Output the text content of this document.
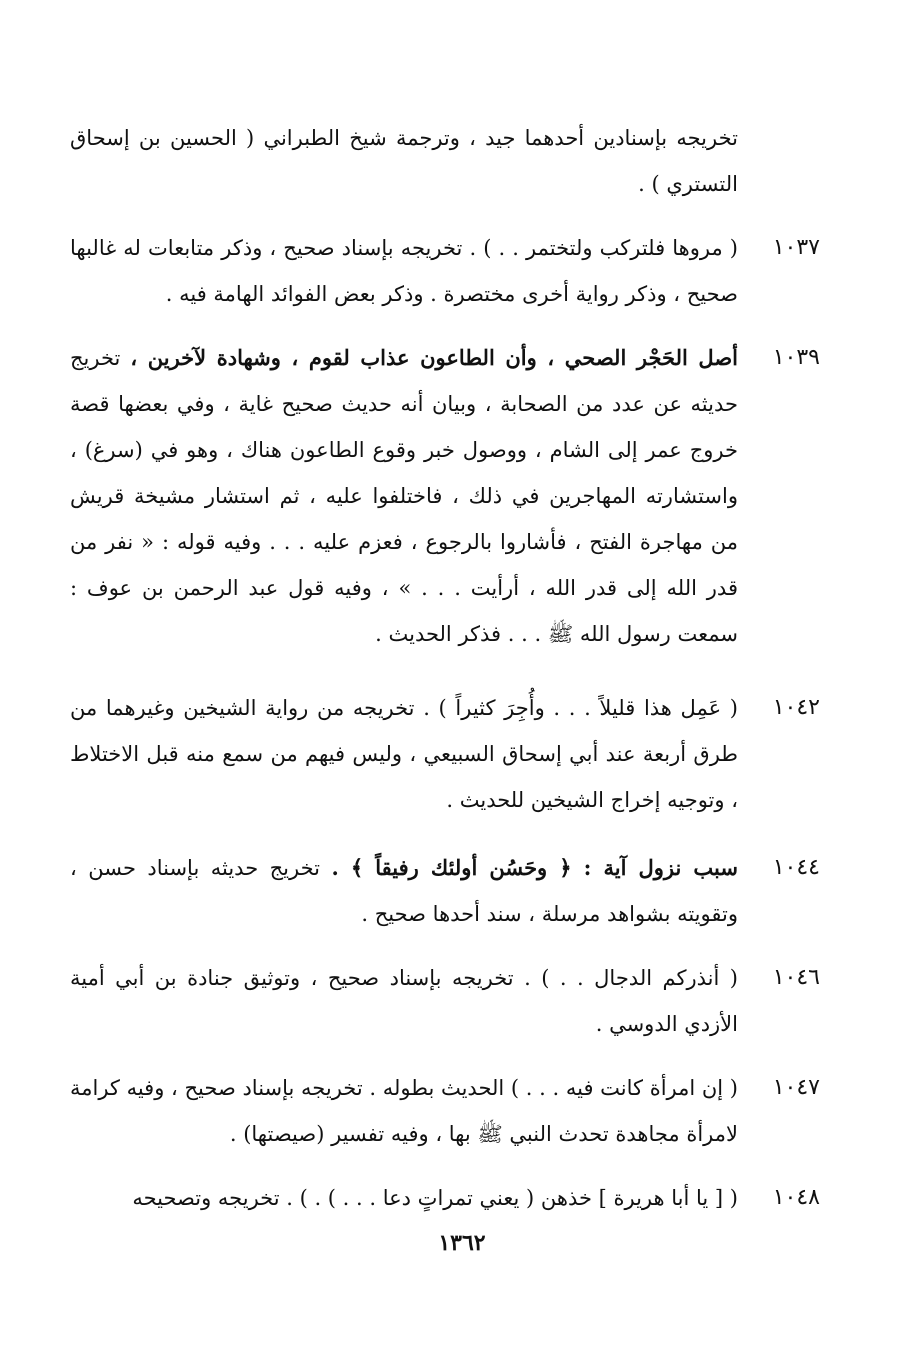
تخريجه بإسنادين أحدهما جيد ، وترجمة شيخ الطبراني ( الحسين بن إسحاق التستري ) .
١٠٣٧
( مروها فلتركب ولتختمر . . ) . تخريجه بإسناد صحيح ، وذكر متابعات له غالبها صحيح ، وذكر رواية أخرى مختصرة . وذكر بعض الفوائد الهامة فيه .
١٠٣٩
أصل الحَجْر الصحي ، وأن الطاعون عذاب لقوم ، وشهادة لآخرين ، تخريج حديثه عن عدد من الصحابة ، وبيان أنه حديث صحيح غاية ، وفي بعضها قصة خروج عمر إلى الشام ، ووصول خبر وقوع الطاعون هناك ، وهو في (سرغ) ، واستشارته المهاجرين في ذلك ، فاختلفوا عليه ، ثم استشار مشيخة قريش من مهاجرة الفتح ، فأشاروا بالرجوع ، فعزم عليه . . . وفيه قوله : « نفر من قدر الله إلى قدر الله ، أرأيت . . . » ، وفيه قول عبد الرحمن بن عوف : سمعت رسول الله ﷺ . . . فذكر الحديث .
١٠٤٢
( عَمِل هذا قليلاً . . . وأُجِرَ كثيراً ) . تخريجه من رواية الشيخين وغيرهما من طرق أربعة عند أبي إسحاق السبيعي ، وليس فيهم من سمع منه قبل الاختلاط ، وتوجيه إخراج الشيخين للحديث .
١٠٤٤
سبب نزول آية : ﴿ وحَسُن أولئك رفيقاً ﴾ . تخريج حديثه بإسناد حسن ، وتقويته بشواهد مرسلة ، سند أحدها صحيح .
١٠٤٦
( أنذركم الدجال . . ) . تخريجه بإسناد صحيح ، وتوثيق جنادة بن أبي أمية الأزدي الدوسي .
١٠٤٧
( إن امرأة كانت فيه . . . ) الحديث بطوله . تخريجه بإسناد صحيح ، وفيه كرامة لامرأة مجاهدة تحدث النبي ﷺ بها ، وفيه تفسير (صيصتها) .
١٠٤٨
( [ يا أبا هريرة ] خذهن ( يعني تمراتٍ دعا . . . ) . ) . تخريجه وتصحيحه
١٣٦٢
